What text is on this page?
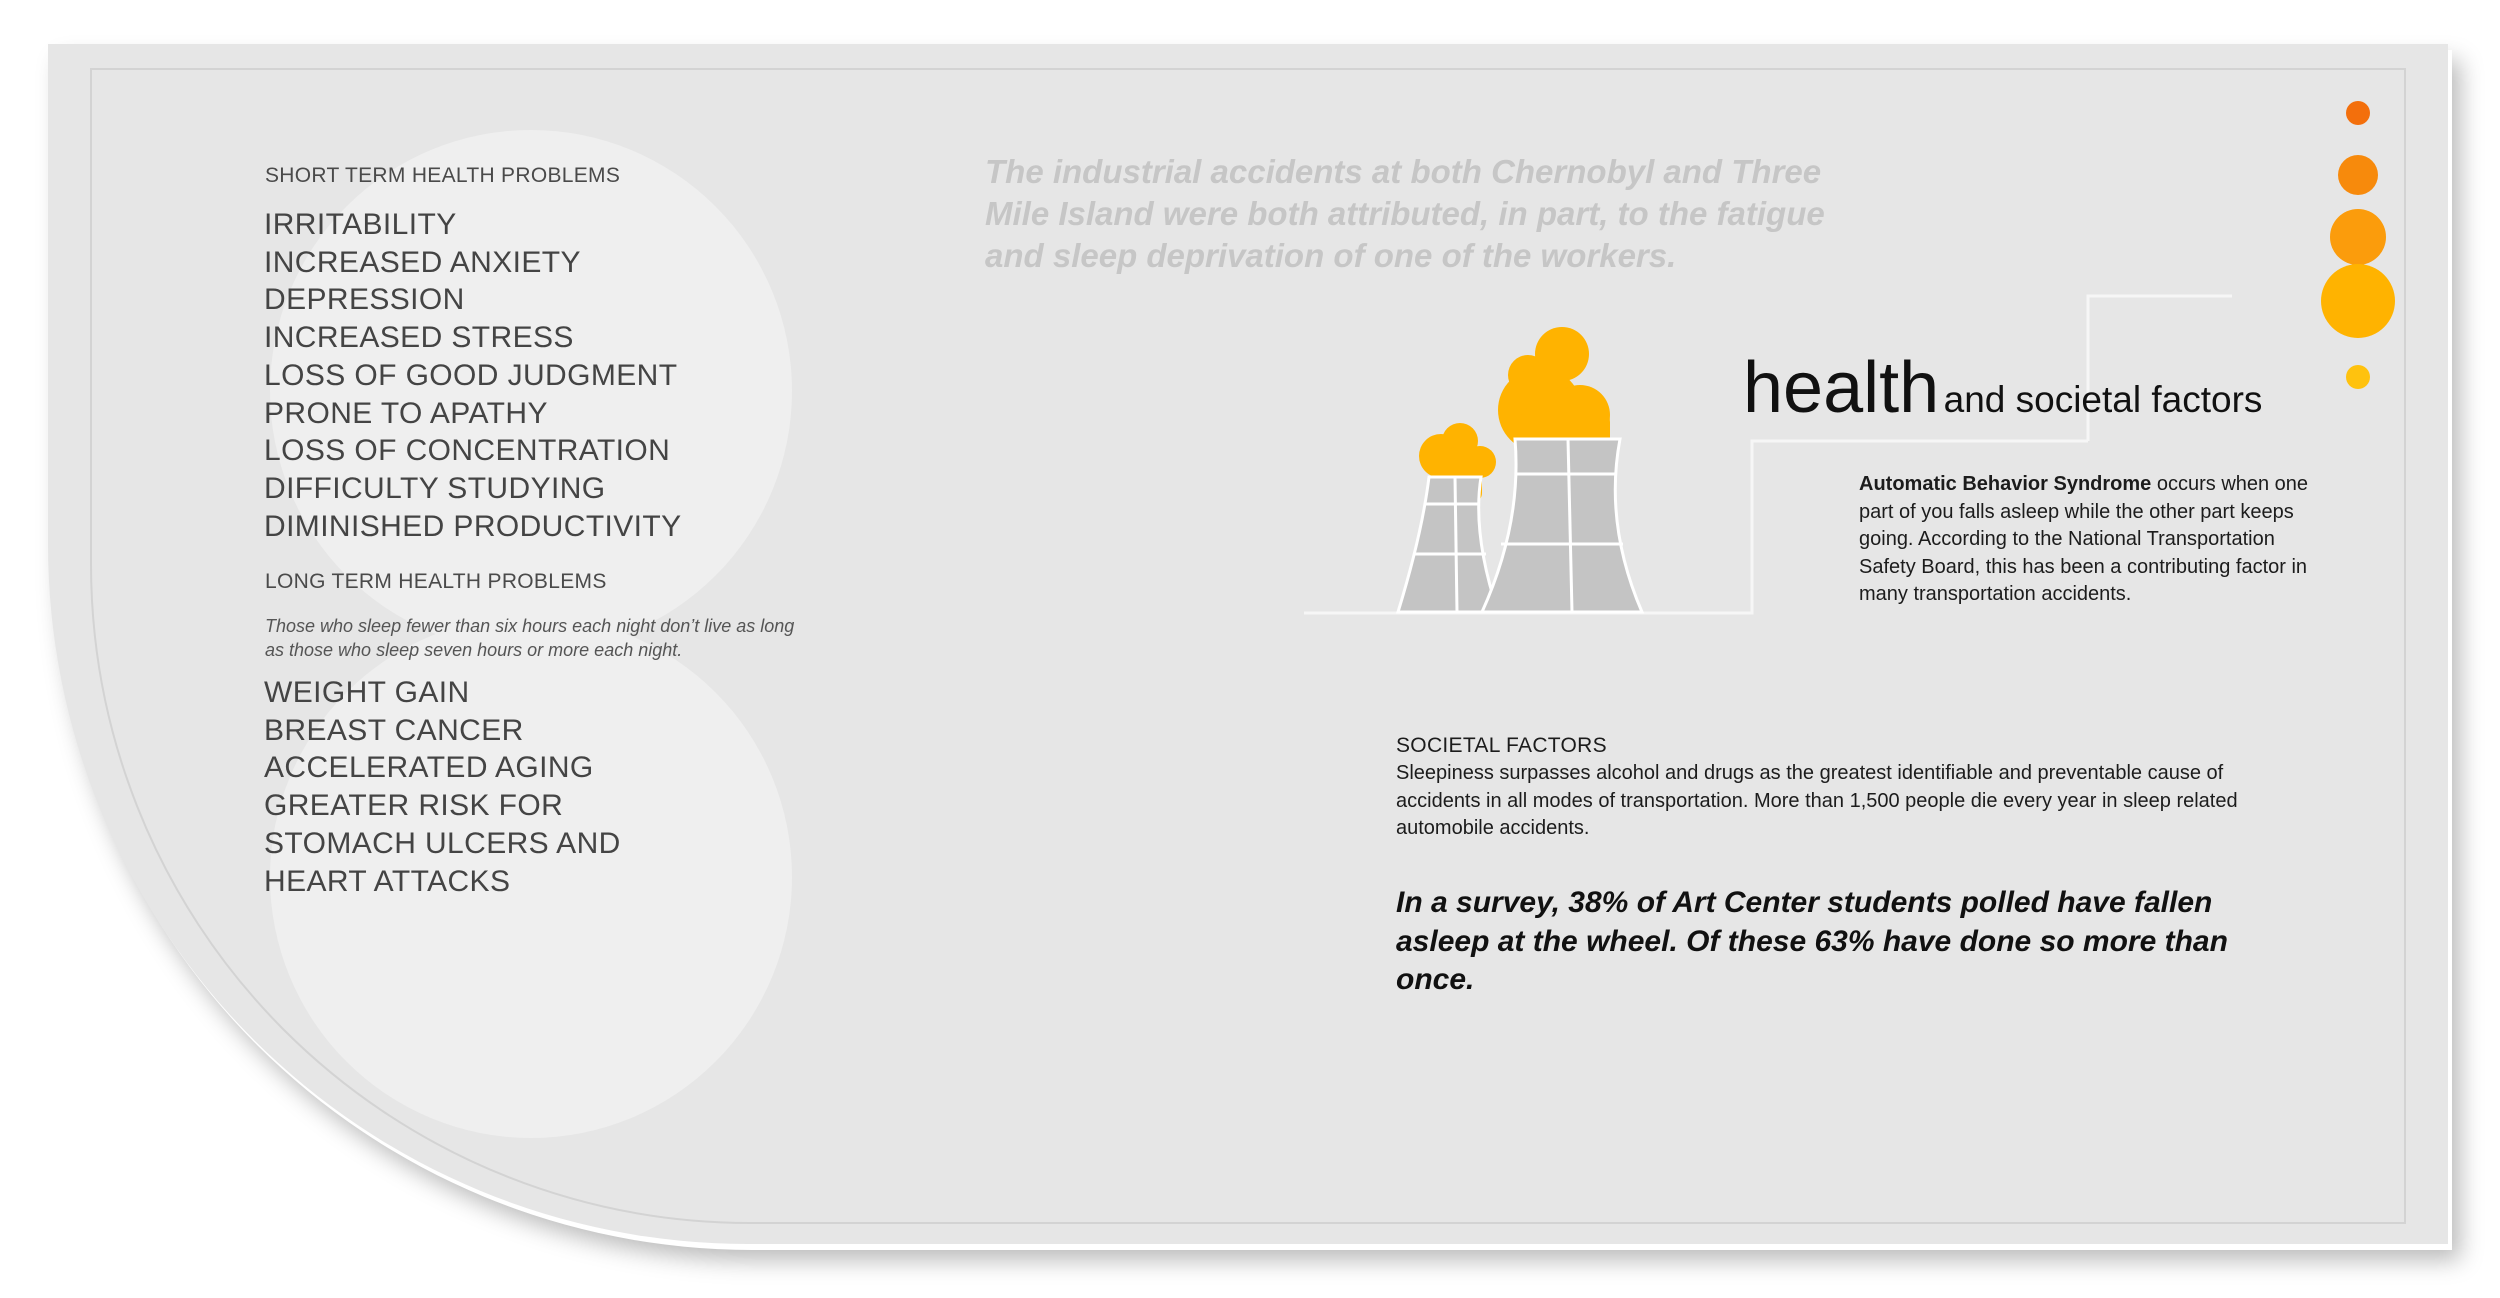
SHORT TERM HEALTH PROBLEMS
IRRITABILITY
INCREASED ANXIETY
DEPRESSION
INCREASED STRESS
LOSS OF GOOD JUDGMENT
PRONE TO APATHY
LOSS OF CONCENTRATION
DIFFICULTY STUDYING
DIMINISHED PRODUCTIVITY
LONG TERM HEALTH PROBLEMS
Those who sleep fewer than six hours each night don’t live as long as those who sleep seven hours or more each night.
WEIGHT GAIN
BREAST CANCER
ACCELERATED AGING
GREATER RISK FOR
STOMACH ULCERS AND
HEART ATTACKS
The industrial accidents at both Chernobyl and Three Mile Island were both attributed, in part, to the fatigue and sleep deprivation of one of the workers.
health and societal factors
Automatic Behavior Syndrome occurs when one part of you falls asleep while the other part keeps going. According to the National Transportation Safety Board, this has been a contributing factor in many transportation accidents.
SOCIETAL FACTORS
Sleepiness surpasses alcohol and drugs as the greatest identifiable and preventable cause of accidents in all modes of transportation. More than 1,500 people die every year in sleep related automobile accidents.
In a survey, 38% of Art Center students polled have fallen asleep at the wheel. Of these 63% have done so more than once.
